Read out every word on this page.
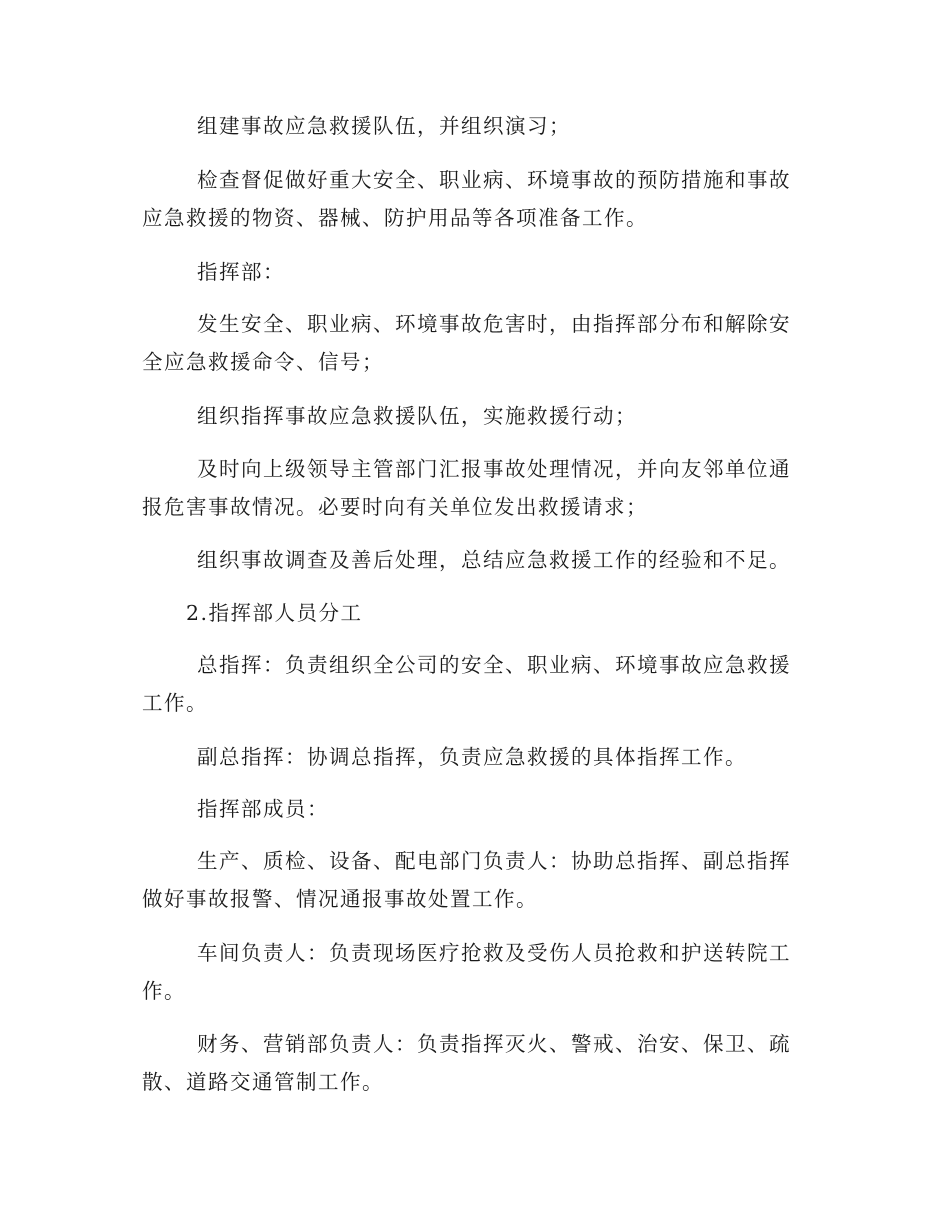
组建事故应急救援队伍，并组织演习；

检查督促做好重大安全、职业病、环境事故的预防措施和事故应急救援的物资、器械、防护用品等各项准备工作。

指挥部：

发生安全、职业病、环境事故危害时，由指挥部分布和解除安全应急救援命令、信号；

组织指挥事故应急救援队伍，实施救援行动；

及时向上级领导主管部门汇报事故处理情况，并向友邻单位通报危害事故情况。必要时向有关单位发出救援请求；

组织事故调查及善后处理，总结应急救援工作的经验和不足。

2.指挥部人员分工

总指挥：负责组织全公司的安全、职业病、环境事故应急救援工作。

副总指挥：协调总指挥，负责应急救援的具体指挥工作。

指挥部成员：

生产、质检、设备、配电部门负责人：协助总指挥、副总指挥做好事故报警、情况通报事故处置工作。

车间负责人：负责现场医疗抢救及受伤人员抢救和护送转院工作。

财务、营销部负责人：负责指挥灭火、警戒、治安、保卫、疏散、道路交通管制工作。
